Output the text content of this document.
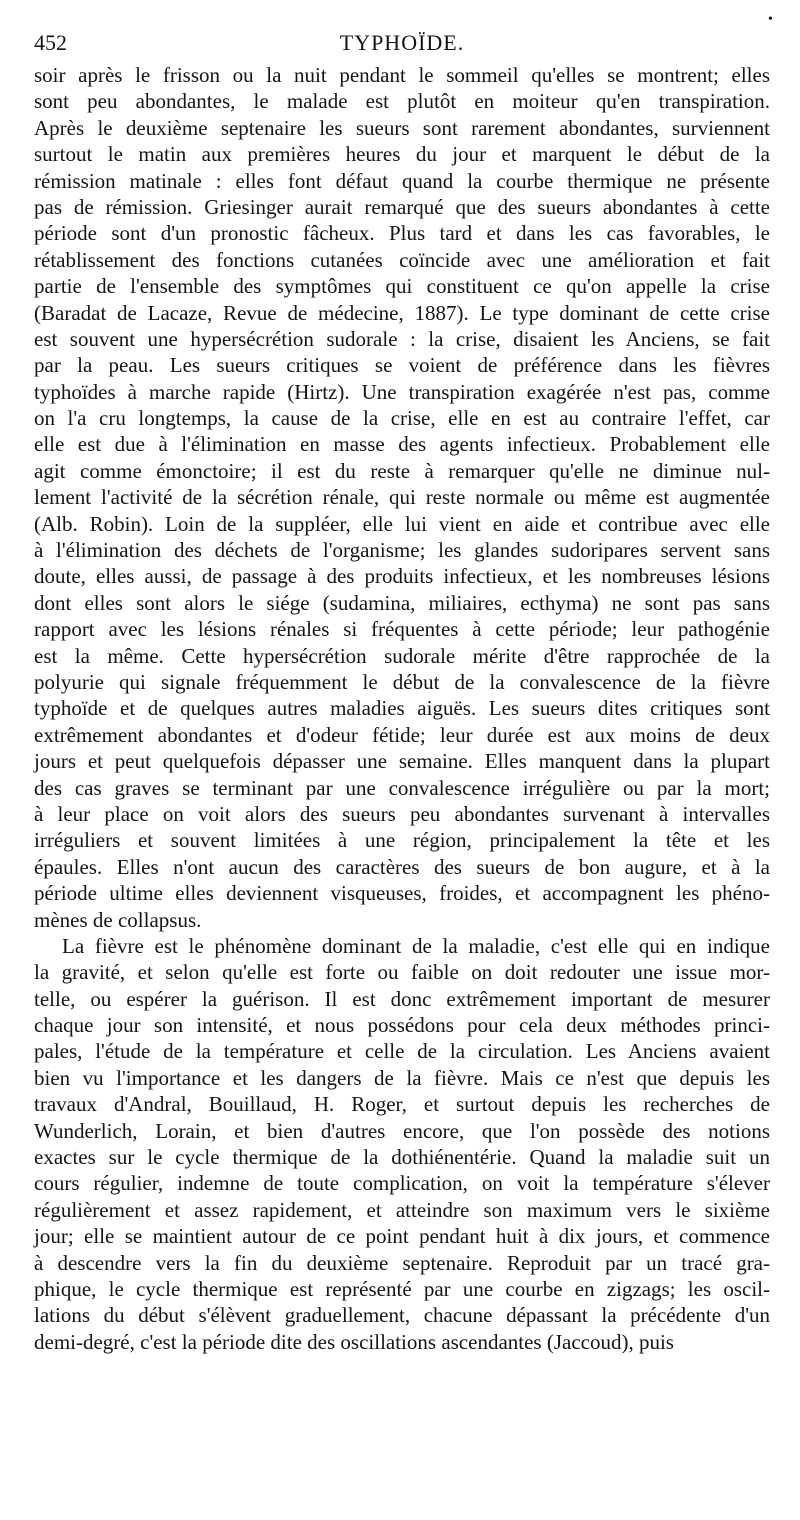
•
452	TYPHOÏDE.
soir après le frisson ou la nuit pendant le sommeil qu'elles se montrent; elles
sont peu abondantes, le malade est plutôt en moiteur qu'en transpiration.
Après le deuxième septenaire les sueurs sont rarement abondantes, surviennent
surtout le matin aux premières heures du jour et marquent le début de la
rémission matinale : elles font défaut quand la courbe thermique ne présente
pas de rémission. Griesinger aurait remarqué que des sueurs abondantes à cette
période sont d'un pronostic fâcheux. Plus tard et dans les cas favorables, le
rétablissement des fonctions cutanées coïncide avec une amélioration et fait
partie de l'ensemble des symptômes qui constituent ce qu'on appelle la crise
(Baradat de Lacaze, Revue de médecine, 1887). Le type dominant de cette crise
est souvent une hypersécrétion sudorale : la crise, disaient les Anciens, se fait
par la peau. Les sueurs critiques se voient de préférence dans les fièvres
typhoïdes à marche rapide (Hirtz). Une transpiration exagérée n'est pas, comme
on l'a cru longtemps, la cause de la crise, elle en est au contraire l'effet, car
elle est due à l'élimination en masse des agents infectieux. Probablement elle
agit comme émonctoire; il est du reste à remarquer qu'elle ne diminue nul-
lement l'activité de la sécrétion rénale, qui reste normale ou même est augmentée
(Alb. Robin). Loin de la suppléer, elle lui vient en aide et contribue avec elle
à l'élimination des déchets de l'organisme; les glandes sudoripares servent sans
doute, elles aussi, de passage à des produits infectieux, et les nombreuses lésions
dont elles sont alors le siége (sudamina, miliaires, ecthyma) ne sont pas sans
rapport avec les lésions rénales si fréquentes à cette période; leur pathogénie
est la même. Cette hypersécrétion sudorale mérite d'être rapprochée de la
polyurie qui signale fréquemment le début de la convalescence de la fièvre
typhoïde et de quelques autres maladies aiguës. Les sueurs dites critiques sont
extrêmement abondantes et d'odeur fétide; leur durée est aux moins de deux
jours et peut quelquefois dépasser une semaine. Elles manquent dans la plupart
des cas graves se terminant par une convalescence irrégulière ou par la mort;
à leur place on voit alors des sueurs peu abondantes survenant à intervalles
irréguliers et souvent limitées à une région, principalement la tête et les
épaules. Elles n'ont aucun des caractères des sueurs de bon augure, et à la
période ultime elles deviennent visqueuses, froides, et accompagnent les phéno-
mènes de collapsus.
La fièvre est le phénomène dominant de la maladie, c'est elle qui en indique
la gravité, et selon qu'elle est forte ou faible on doit redouter une issue mor-
telle, ou espérer la guérison. Il est donc extrêmement important de mesurer
chaque jour son intensité, et nous possédons pour cela deux méthodes princi-
pales, l'étude de la température et celle de la circulation. Les Anciens avaient
bien vu l'importance et les dangers de la fièvre. Mais ce n'est que depuis les
travaux d'Andral, Bouillaud, H. Roger, et surtout depuis les recherches de
Wunderlich, Lorain, et bien d'autres encore, que l'on possède des notions
exactes sur le cycle thermique de la dothiénentérie. Quand la maladie suit un
cours régulier, indemne de toute complication, on voit la température s'élever
régulièrement et assez rapidement, et atteindre son maximum vers le sixième
jour; elle se maintient autour de ce point pendant huit à dix jours, et commence
à descendre vers la fin du deuxième septenaire. Reproduit par un tracé gra-
phique, le cycle thermique est représenté par une courbe en zigzags; les oscil-
lations du début s'élèvent graduellement, chacune dépassant la précédente d'un
demi-degré, c'est la période dite des oscillations ascendantes (Jaccoud), puis
